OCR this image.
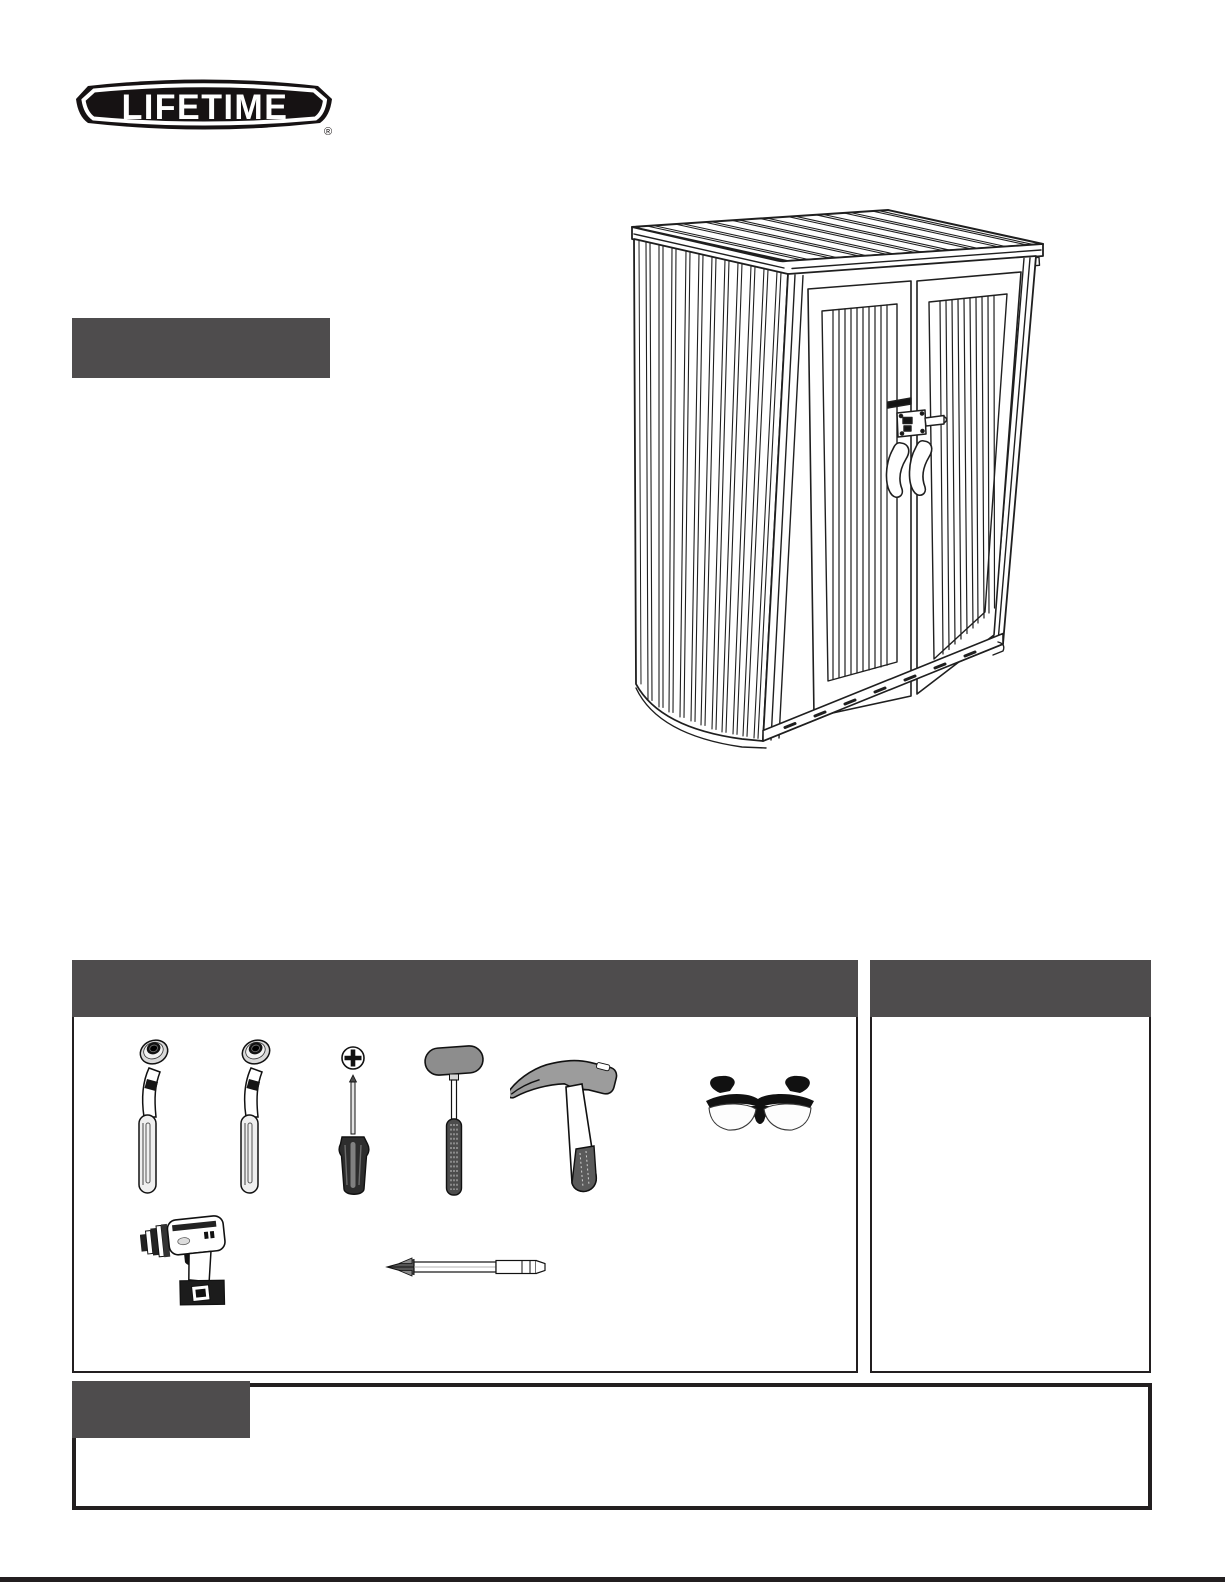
LIFETIME
®
